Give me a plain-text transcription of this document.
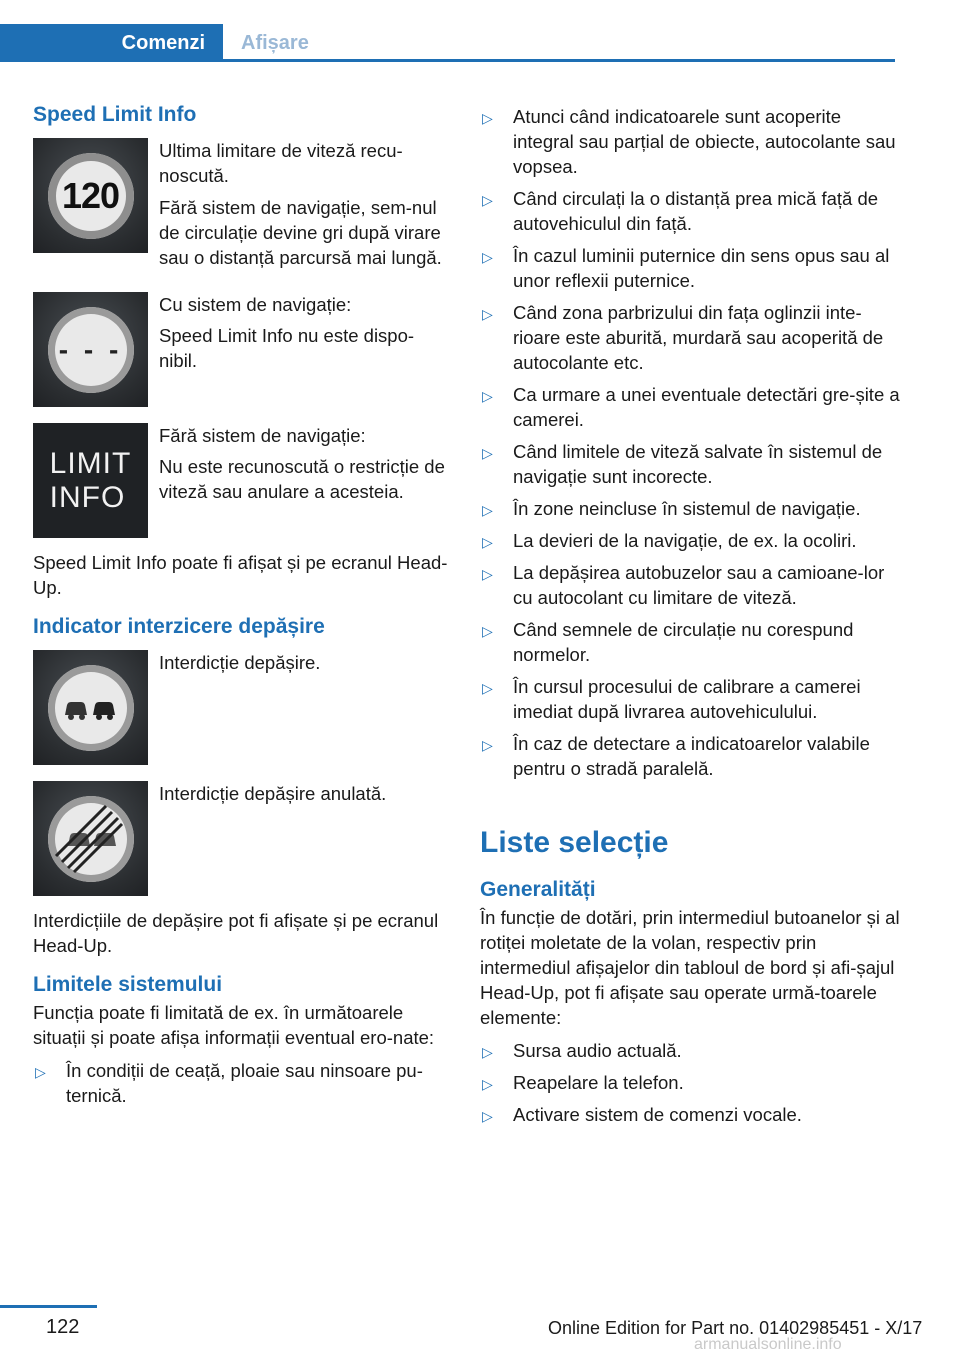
Comenzi	Afișare
Speed Limit Info
120

Ultima limitare de viteză recu-noscută.

Fără sistem de navigație, sem-nul de circulație devine gri după virare sau o distanță parcursă mai lungă.

- - -

Cu sistem de navigație:

Speed Limit Info nu este dispo-nibil.

LIMIT
INFO

Fără sistem de navigație:

Nu este recunoscută o restricție de viteză sau anulare a acesteia.

Speed Limit Info poate fi afișat și pe ecranul Head-Up.

Indicator interzicere depășire

Interdicție depășire.

Interdicție depășire anulată.

Interdicțiile de depășire pot fi afișate și pe ecranul Head-Up.

Limitele sistemului

Funcția poate fi limitată de ex. în următoarele situații și poate afișa informații eventual ero-nate:

▷ În condiții de ceață, ploaie sau ninsoare pu-ternică.
▷ Atunci când indicatoarele sunt acoperite integral sau parțial de obiecte, autocolante sau vopsea.
▷ Când circulați la o distanță prea mică față de autovehiculul din față.
▷ În cazul luminii puternice din sens opus sau al unor reflexii puternice.
▷ Când zona parbrizului din fața oglinzii inte-rioare este aburită, murdară sau acoperită de autocolante etc.
▷ Ca urmare a unei eventuale detectări gre-șite a camerei.
▷ Când limitele de viteză salvate în sistemul de navigație sunt incorecte.
▷ În zone neincluse în sistemul de navigație.
▷ La devieri de la navigație, de ex. la ocoliri.
▷ La depășirea autobuzelor sau a camioane-lor cu autocolant cu limitare de viteză.
▷ Când semnele de circulație nu corespund normelor.
▷ În cursul procesului de calibrare a camerei imediat după livrarea autovehiculului.
▷ În caz de detectare a indicatoarelor valabile pentru o stradă paralelă.
Liste selecție
Generalități

În funcție de dotări, prin intermediul butoanelor și al rotiței moletate de la volan, respectiv prin intermediul afișajelor din tabloul de bord și afi-șajul Head-Up, pot fi afișate sau operate urmă-toarele elemente:

▷ Sursa audio actuală.
▷ Reapelare la telefon.
▷ Activare sistem de comenzi vocale.
122	Online Edition for Part no. 01402985451 - X/17
armanualsonline.info
